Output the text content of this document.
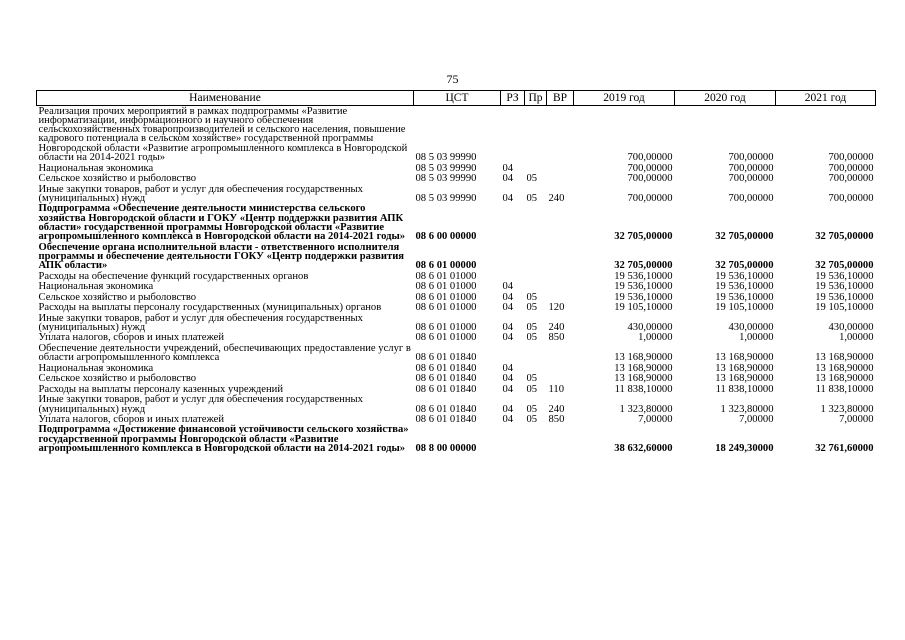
75
Наименование	ЦСТ	РЗ	Пр	ВР	2019 год	2020 год	2021 год
Реализация прочих мероприятий в рамках подпрограммы «Развитие информатизации, информационного и научного обеспечения сельскохозяйственных товаропроизводителей и сельского населения, повышение кадрового потенциала в сельском хозяйстве» государственной программы Новгородской области «Развитие агропромышленного комплекса в Новгородской области на 2014-2021 годы»	08 5 03 99990				700,00000	700,00000	700,00000
Национальная экономика	08 5 03 99990	04			700,00000	700,00000	700,00000
Сельское хозяйство и рыболовство	08 5 03 99990	04	05		700,00000	700,00000	700,00000
Иные закупки товаров, работ и услуг для обеспечения государственных (муниципальных) нужд	08 5 03 99990	04	05	240	700,00000	700,00000	700,00000
Подпрограмма «Обеспечение деятельности министерства сельского хозяйства Новгородской области и ГОКУ «Центр поддержки развития АПК области» государственной программы Новгородской области «Развитие агропромышленного комплекса в Новгородской области на 2014-2021 годы»	08 6 00 00000				32 705,00000	32 705,00000	32 705,00000
Обеспечение органа исполнительной власти - ответственного исполнителя программы и обеспечение деятельности ГОКУ «Центр поддержки развития АПК области»	08 6 01 00000				32 705,00000	32 705,00000	32 705,00000
Расходы на обеспечение функций государственных органов	08 6 01 01000				19 536,10000	19 536,10000	19 536,10000
Национальная экономика	08 6 01 01000	04			19 536,10000	19 536,10000	19 536,10000
Сельское хозяйство и рыболовство	08 6 01 01000	04	05		19 536,10000	19 536,10000	19 536,10000
Расходы на выплаты персоналу государственных (муниципальных) органов	08 6 01 01000	04	05	120	19 105,10000	19 105,10000	19 105,10000
Иные закупки товаров, работ и услуг для обеспечения государственных (муниципальных) нужд	08 6 01 01000	04	05	240	430,00000	430,00000	430,00000
Уплата налогов, сборов и иных платежей	08 6 01 01000	04	05	850	1,00000	1,00000	1,00000
Обеспечение деятельности учреждений, обеспечивающих предоставление услуг в области агропромышленного комплекса	08 6 01 01840				13 168,90000	13 168,90000	13 168,90000
Национальная экономика	08 6 01 01840	04			13 168,90000	13 168,90000	13 168,90000
Сельское хозяйство и рыболовство	08 6 01 01840	04	05		13 168,90000	13 168,90000	13 168,90000
Расходы на выплаты персоналу казенных учреждений	08 6 01 01840	04	05	110	11 838,10000	11 838,10000	11 838,10000
Иные закупки товаров, работ и услуг для обеспечения государственных (муниципальных) нужд	08 6 01 01840	04	05	240	1 323,80000	1 323,80000	1 323,80000
Уплата налогов, сборов и иных платежей	08 6 01 01840	04	05	850	7,00000	7,00000	7,00000
Подпрограмма «Достижение финансовой устойчивости сельского хозяйства» государственной программы Новгородской области «Развитие агропромышленного комплекса в Новгородской области на 2014-2021 годы»	08 8 00 00000				38 632,60000	18 249,30000	32 761,60000
